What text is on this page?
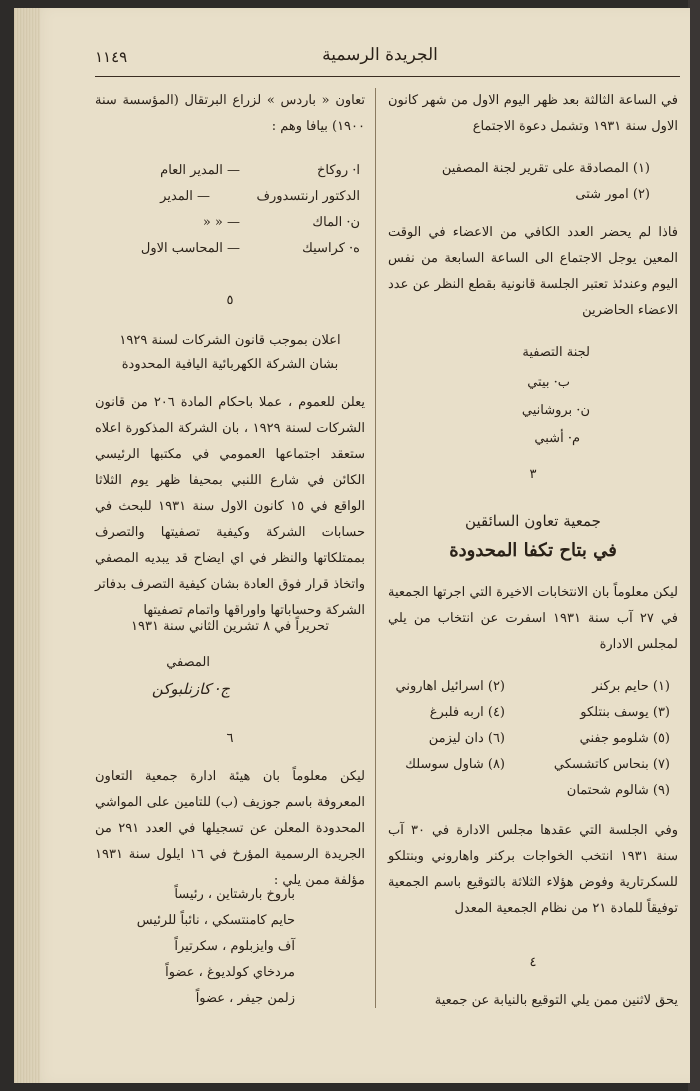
١١٤٩	الجريدة الرسمية

في الساعة الثالثة بعد ظهر اليوم الاول من شهر كانون الاول سنة ١٩٣١ وتشمل دعوة الاجتماع

(١) المصادقة على تقرير لجنة المصفين
(٢) امور شتى

فاذا لم يحضر العدد الكافي من الاعضاء في الوقت المعين يوجل الاجتماع الى الساعة السابعة من نفس اليوم وعندئذ تعتبر الجلسة قانونية بقطع النظر عن عدد الاعضاء الحاضرين

لجنة التصفية
ب· بيتي
ن· بروشانيي
م· أشبي
٣
جمعية تعاون السائقين
في بتاح تكفا المحدودة

ليكن معلوماً بان الانتخابات الاخيرة التي اجرتها الجمعية في ٢٧ آب سنة ١٩٣١ اسفرت عن انتخاب من يلي لمجلس الادارة

(١) حايم بركنر
(٢) اسرائيل اهاروني
(٣) يوسف بنتلكو
(٤) اربه فلبرغ
(٥) شلومو جفني
(٦) دان ليزمن
(٧) بنحاس كاتشسكي
(٨) شاول سوسلك
(٩) شالوم شحتمان

وفي الجلسة التي عقدها مجلس الادارة في ٣٠ آب سنة ١٩٣١ انتخب الخواجات بركنر واهاروني وبنتلكو للسكرتارية وفوض هؤلاء الثلاثة بالتوقيع باسم الجمعية توفيقاً للمادة ٢١ من نظام الجمعية المعدل

٤

يحق لاثنين ممن يلي التوقيع بالنيابة عن جمعية

تعاون « باردس » لزراع البرتقال (المؤسسة سنة ١٩٠٠) بيافا وهم :

ا· روكاخ
— المدير العام
الدكتور ارنتسدورف
— المدير
ن· الماك
— « «
ه· كراسيك
— المحاسب الاول
٥
اعلان بموجب قانون الشركات لسنة ١٩٢٩
بشان الشركة الكهربائية اليافية المحدودة

يعلن للعموم ، عملا باحكام المادة ٢٠٦ من قانون الشركات لسنة ١٩٢٩ ، بان الشركة المذكورة اعلاه ستعقد اجتماعها العمومي في مكتبها الرئيسي الكائن في شارع اللنبي بمحيفا ظهر يوم الثلاثا الواقع في ١٥ كانون الاول سنة ١٩٣١ للبحث في حسابات الشركة وكيفية تصفيتها والتصرف بممتلكاتها والنظر في اي ايضاح قد يبديه المصفي واتخاذ قرار فوق العادة بشان كيفية التصرف بدفاتر الشركة وحساباتها واوراقها واتمام تصفيتها

تحريراً في ٨ تشرين الثاني سنة ١٩٣١
المصفي
ج· كازنلبوكن
٦

ليكن معلوماً بان هيئة ادارة جمعية التعاون المعروفة باسم جوزيف (ب) للتامين على المواشي المحدودة المعلن عن تسجيلها في العدد ٢٩١ من الجريدة الرسمية المؤرخ في ١٦ ايلول سنة ١٩٣١ مؤلفة ممن يلي :

باروخ بارشتاين ، رئيساً
حايم كامنتسكي ، نائباً للرئيس
آف وايزبلوم ، سكرتيراً
مردخاي كولديوغ ، عضواً
زلمن جيفر ، عضواً
